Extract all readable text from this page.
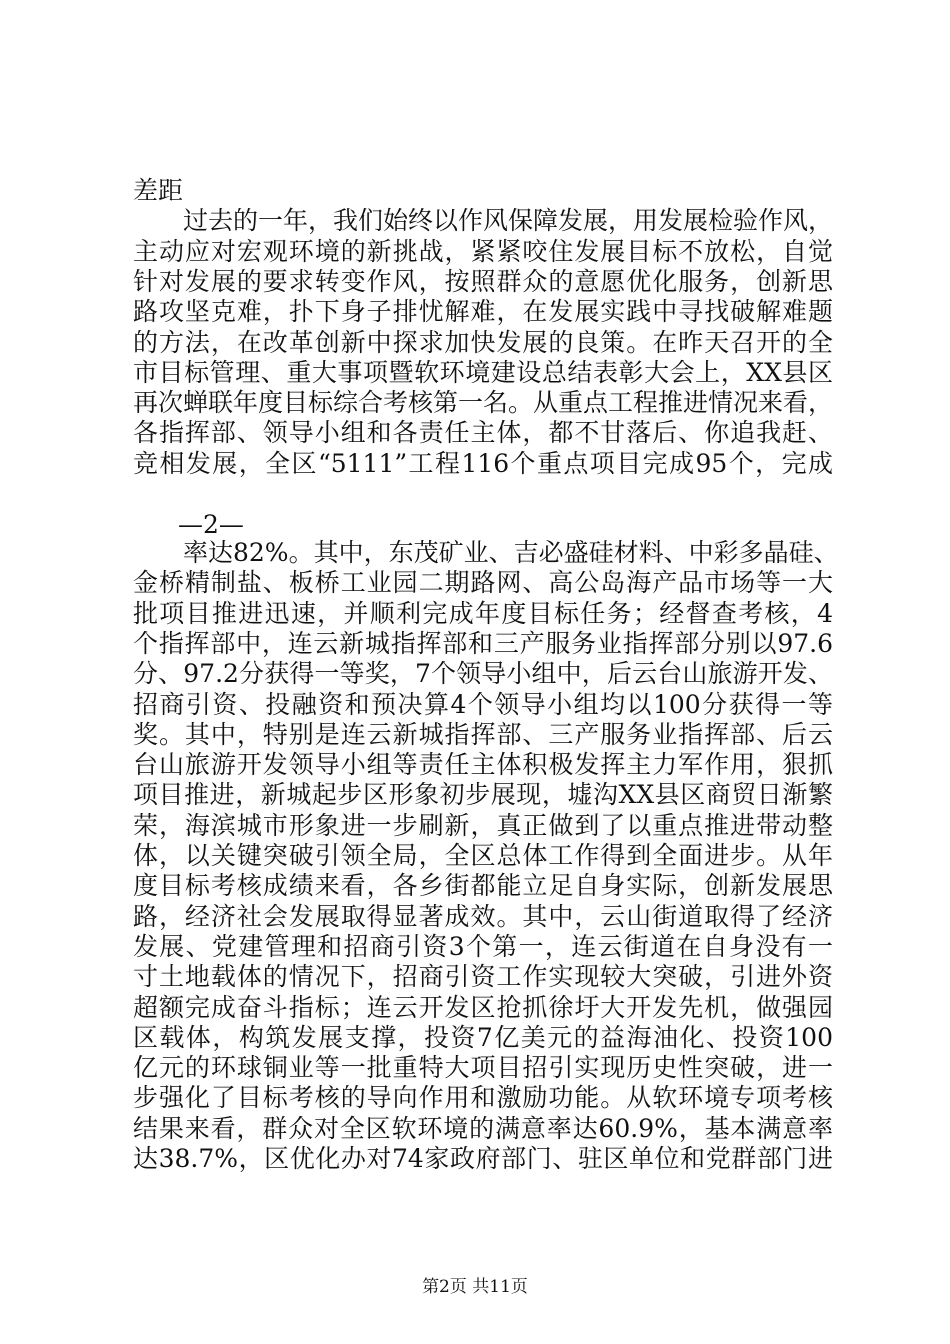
差距
　　过去的一年，我们始终以作风保障发展，用发展检验作风，
主动应对宏观环境的新挑战，紧紧咬住发展目标不放松，自觉
针对发展的要求转变作风，按照群众的意愿优化服务，创新思
路攻坚克难，扑下身子排忧解难，在发展实践中寻找破解难题
的方法，在改革创新中探求加快发展的良策。在昨天召开的全
市目标管理、重大事项暨软环境建设总结表彰大会上，XX县区
再次蝉联年度目标综合考核第一名。从重点工程推进情况来看，
各指挥部、领导小组和各责任主体，都不甘落后、你追我赶、
竞相发展，全区“5111”工程116个重点项目完成95个，完成
—2—
　　率达82%。其中，东茂矿业、吉必盛硅材料、中彩多晶硅、
金桥精制盐、板桥工业园二期路网、高公岛海产品市场等一大
批项目推进迅速，并顺利完成年度目标任务；经督查考核，4
个指挥部中，连云新城指挥部和三产服务业指挥部分别以97.6
分、97.2分获得一等奖，7个领导小组中，后云台山旅游开发、
招商引资、投融资和预决算4个领导小组均以100分获得一等
奖。其中，特别是连云新城指挥部、三产服务业指挥部、后云
台山旅游开发领导小组等责任主体积极发挥主力军作用，狠抓
项目推进，新城起步区形象初步展现，墟沟XX县区商贸日渐繁
荣，海滨城市形象进一步刷新，真正做到了以重点推进带动整
体，以关键突破引领全局，全区总体工作得到全面进步。从年
度目标考核成绩来看，各乡街都能立足自身实际，创新发展思
路，经济社会发展取得显著成效。其中，云山街道取得了经济
发展、党建管理和招商引资3个第一，连云街道在自身没有一
寸土地载体的情况下，招商引资工作实现较大突破，引进外资
超额完成奋斗指标；连云开发区抢抓徐圩大开发先机，做强园
区载体，构筑发展支撑，投资7亿美元的益海油化、投资100
亿元的环球铜业等一批重特大项目招引实现历史性突破，进一
步强化了目标考核的导向作用和激励功能。从软环境专项考核
结果来看，群众对全区软环境的满意率达60.9%，基本满意率
达38.7%，区优化办对74家政府部门、驻区单位和党群部门进
第2页 共11页
